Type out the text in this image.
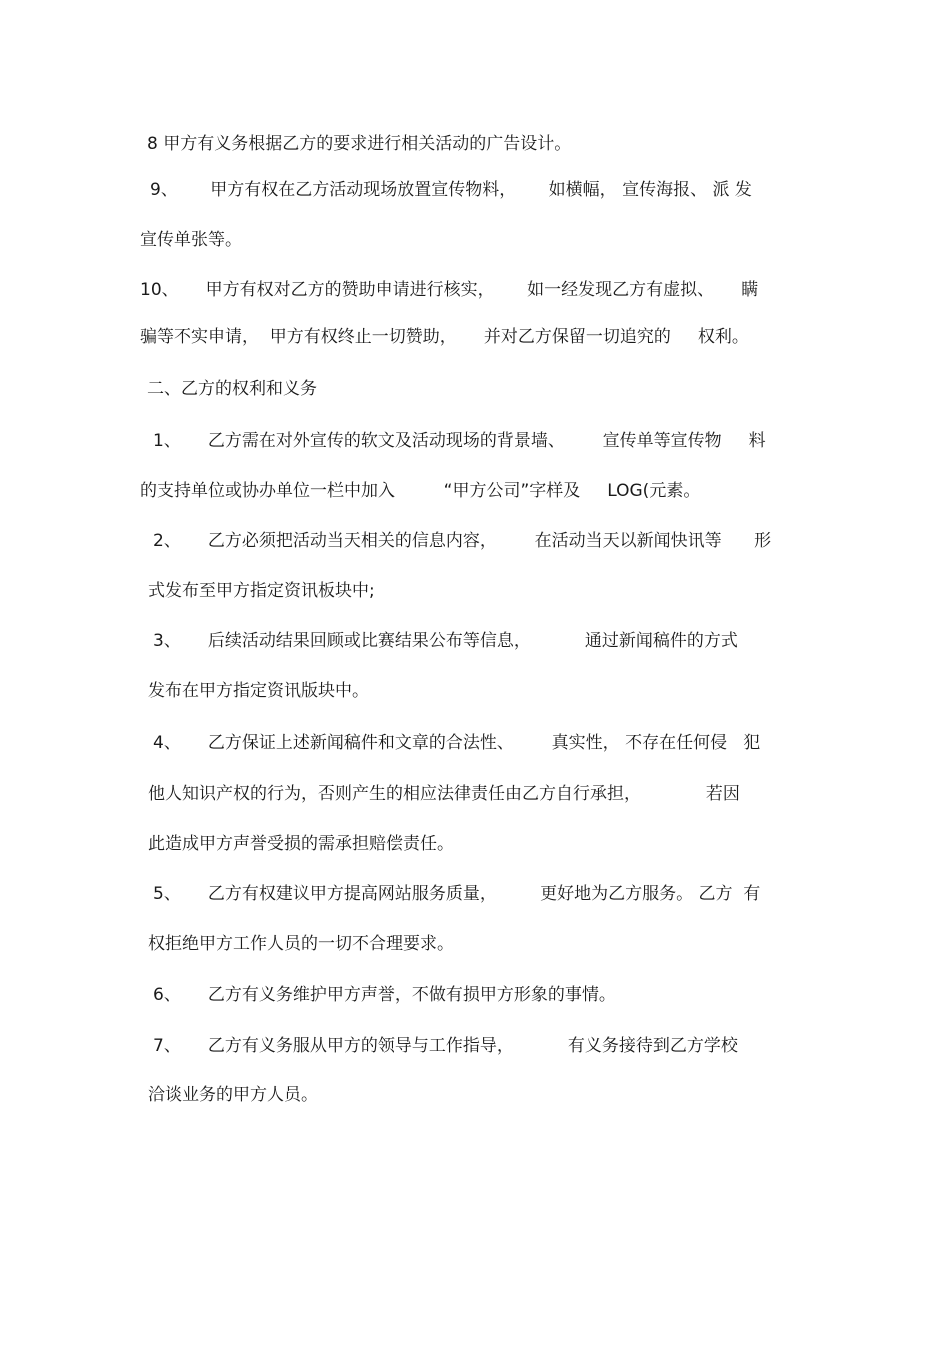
8 甲方有义务根据乙方的要求进行相关活动的广告设计。
9、      甲方有权在乙方活动现场放置宣传物料，      如横幅， 宣传海报、 派 发
宣传单张等。
10、     甲方有权对乙方的赞助申请进行核实，      如一经发现乙方有虚拟、     瞒
骗等不实申请，  甲方有权终止一切赞助，     并对乙方保留一切追究的     权利。
二、乙方的权利和义务
1、     乙方需在对外宣传的软文及活动现场的背景墙、       宣传单等宣传物     料
的支持单位或协办单位一栏中加入         “甲方公司”字样及     LOG(元素。
2、     乙方必须把活动当天相关的信息内容，       在活动当天以新闻快讯等      形
式发布至甲方指定资讯板块中;
3、     后续活动结果回顾或比赛结果公布等信息，          通过新闻稿件的方式
发布在甲方指定资讯版块中。
4、     乙方保证上述新闻稿件和文章的合法性、       真实性， 不存在任何侵   犯
他人知识产权的行为，否则产生的相应法律责任由乙方自行承担，            若因
此造成甲方声誉受损的需承担赔偿责任。
5、     乙方有权建议甲方提高网站服务质量，        更好地为乙方服务。 乙方  有
权拒绝甲方工作人员的一切不合理要求。
6、     乙方有义务维护甲方声誉，不做有损甲方形象的事情。
7、     乙方有义务服从甲方的领导与工作指导，          有义务接待到乙方学校
洽谈业务的甲方人员。
